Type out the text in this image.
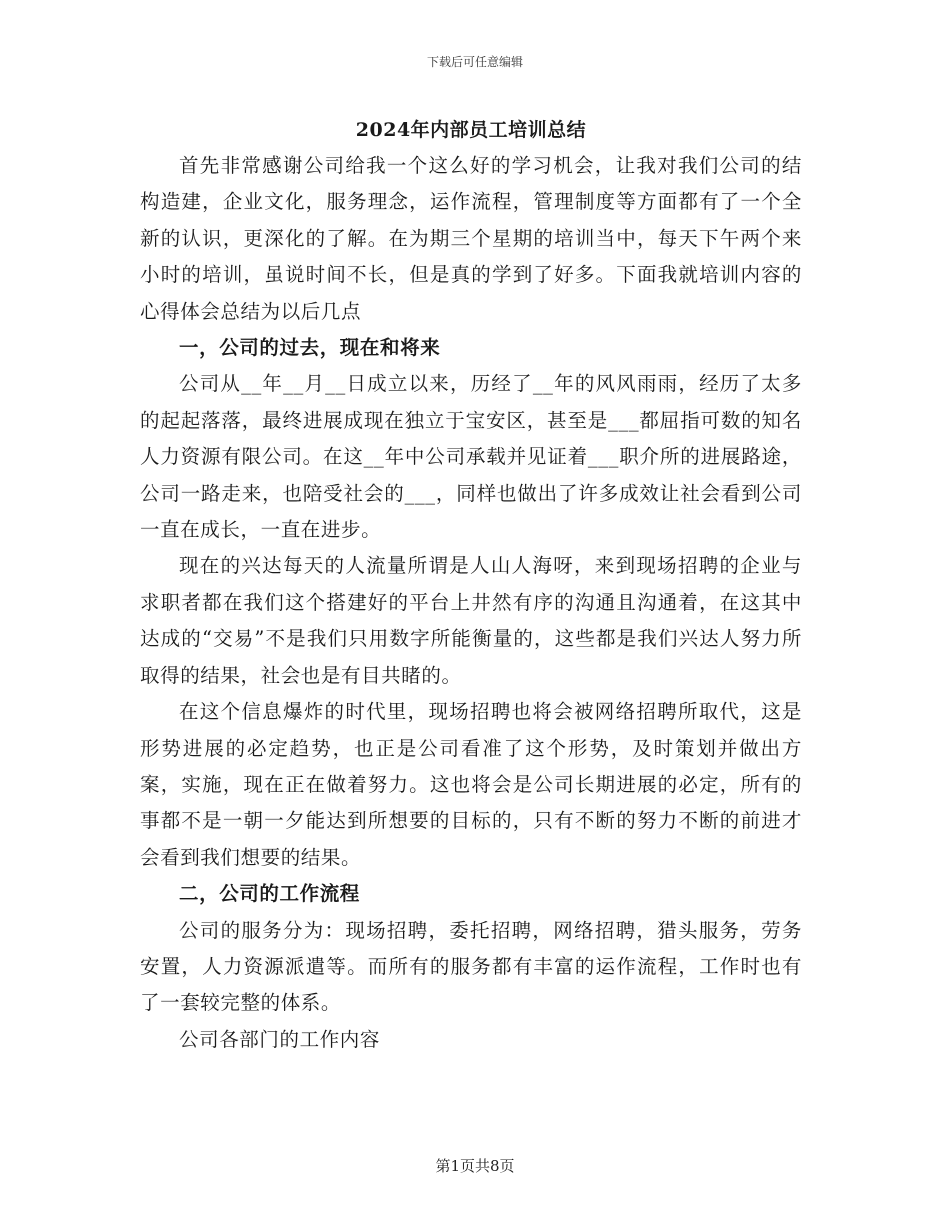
下载后可任意编辑

2024年内部员工培训总结

首先非常感谢公司给我一个这么好的学习机会，让我对我们公司的结构造建，企业文化，服务理念，运作流程，管理制度等方面都有了一个全新的认识，更深化的了解。在为期三个星期的培训当中，每天下午两个来小时的培训，虽说时间不长，但是真的学到了好多。下面我就培训内容的心得体会总结为以后几点

一，公司的过去，现在和将来

公司从__年__月__日成立以来，历经了__年的风风雨雨，经历了太多的起起落落，最终进展成现在独立于宝安区，甚至是___都屈指可数的知名人力资源有限公司。在这__年中公司承载并见证着___职介所的进展路途，公司一路走来，也陪受社会的___，同样也做出了许多成效让社会看到公司一直在成长，一直在进步。

现在的兴达每天的人流量所谓是人山人海呀，来到现场招聘的企业与求职者都在我们这个搭建好的平台上井然有序的沟通且沟通着，在这其中达成的“交易”不是我们只用数字所能衡量的，这些都是我们兴达人努力所取得的结果，社会也是有目共睹的。

在这个信息爆炸的时代里，现场招聘也将会被网络招聘所取代，这是形势进展的必定趋势，也正是公司看准了这个形势，及时策划并做出方案，实施，现在正在做着努力。这也将会是公司长期进展的必定，所有的事都不是一朝一夕能达到所想要的目标的，只有不断的努力不断的前进才会看到我们想要的结果。

二，公司的工作流程

公司的服务分为：现场招聘，委托招聘，网络招聘，猎头服务，劳务安置，人力资源派遣等。而所有的服务都有丰富的运作流程，工作时也有了一套较完整的体系。

公司各部门的工作内容

第1页共8页
